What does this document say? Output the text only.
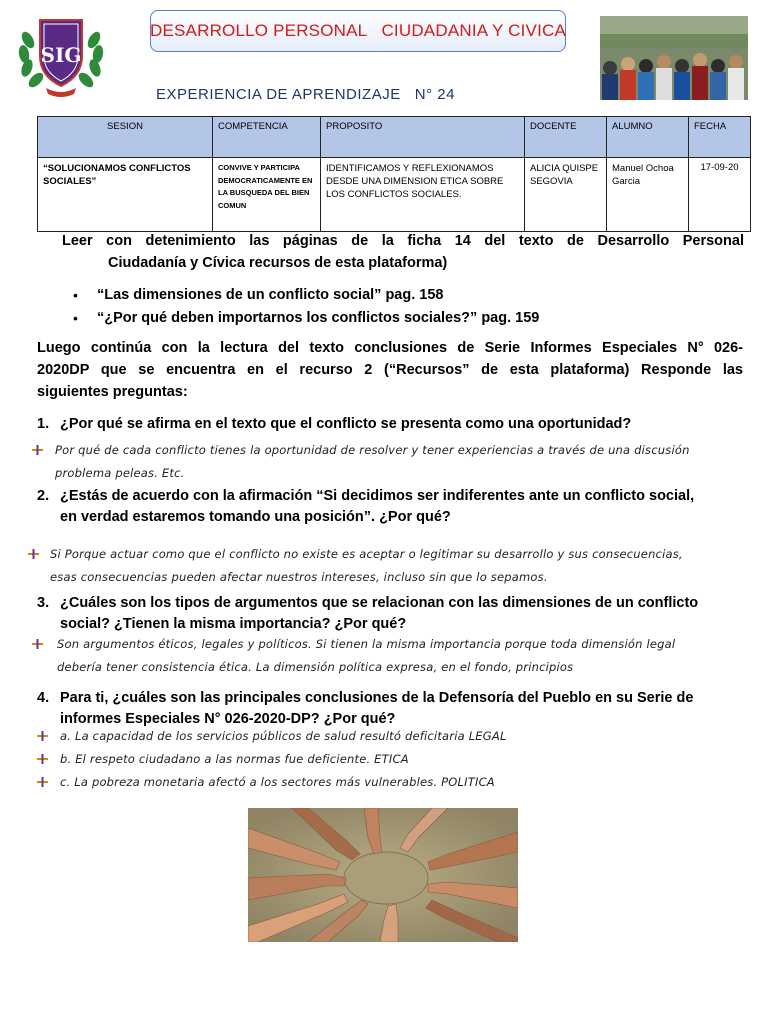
SIG
DESARROLLO PERSONAL   CIUDADANIA Y CIVICA
EXPERIENCIA DE APRENDIZAJE   N° 24
SESION	COMPETENCIA	PROPOSITO	DOCENTE	ALUMNO	FECHA
“SOLUCIONAMOS CONFLICTOS SOCIALES”	CONVIVE Y PARTICIPA DEMOCRATICAMENTE EN LA BUSQUEDA DEL BIEN COMUN	IDENTIFICAMOS Y REFLEXIONAMOS DESDE UNA DIMENSION ETICA SOBRE LOS CONFLICTOS SOCIALES.	ALICIA QUISPE SEGOVIA	Manuel Ochoa Garcia	17-09-20
Leer con detenimiento las páginas de la ficha 14 del texto de Desarrollo Personal
Ciudadanía y Cívica recursos de esta plataforma)
• “Las dimensiones de un conflicto social” pag. 158
• “¿Por qué deben importarnos los conflictos sociales?” pag. 159
Luego continúa con la lectura del texto conclusiones de Serie Informes Especiales N° 026-
2020DP que se encuentra en el recurso 2 (“Recursos” de esta plataforma) Responde las
siguientes preguntas:
1. ¿Por qué se afirma en el texto que el conflicto se presenta como una oportunidad?
Por qué de cada conflicto tienes la oportunidad de resolver y tener experiencias a través de una discusión
problema peleas. Etc.
2. ¿Estás de acuerdo con la afirmación “Si decidimos ser indiferentes ante un conflicto social,
en verdad estaremos tomando una posición”. ¿Por qué?
Si Porque actuar como que el conflicto no existe es aceptar o legitimar su desarrollo y sus consecuencias,
esas consecuencias pueden afectar nuestros intereses, incluso sin que lo sepamos.
3. ¿Cuáles son los tipos de argumentos que se relacionan con las dimensiones de un conflicto
social? ¿Tienen la misma importancia? ¿Por qué?
Son argumentos éticos, legales y políticos. Si tienen la misma importancia porque toda dimensión legal
debería tener consistencia ética. La dimensión política expresa, en el fondo, principios
4. Para ti, ¿cuáles son las principales conclusiones de la Defensoría del Pueblo en su Serie de
informes Especiales N° 026-2020-DP? ¿Por qué?
a. La capacidad de los servicios públicos de salud resultó deficitaria LEGAL
b. El respeto ciudadano a las normas fue deficiente. ETICA
c. La pobreza monetaria afectó a los sectores más vulnerables. POLITICA
